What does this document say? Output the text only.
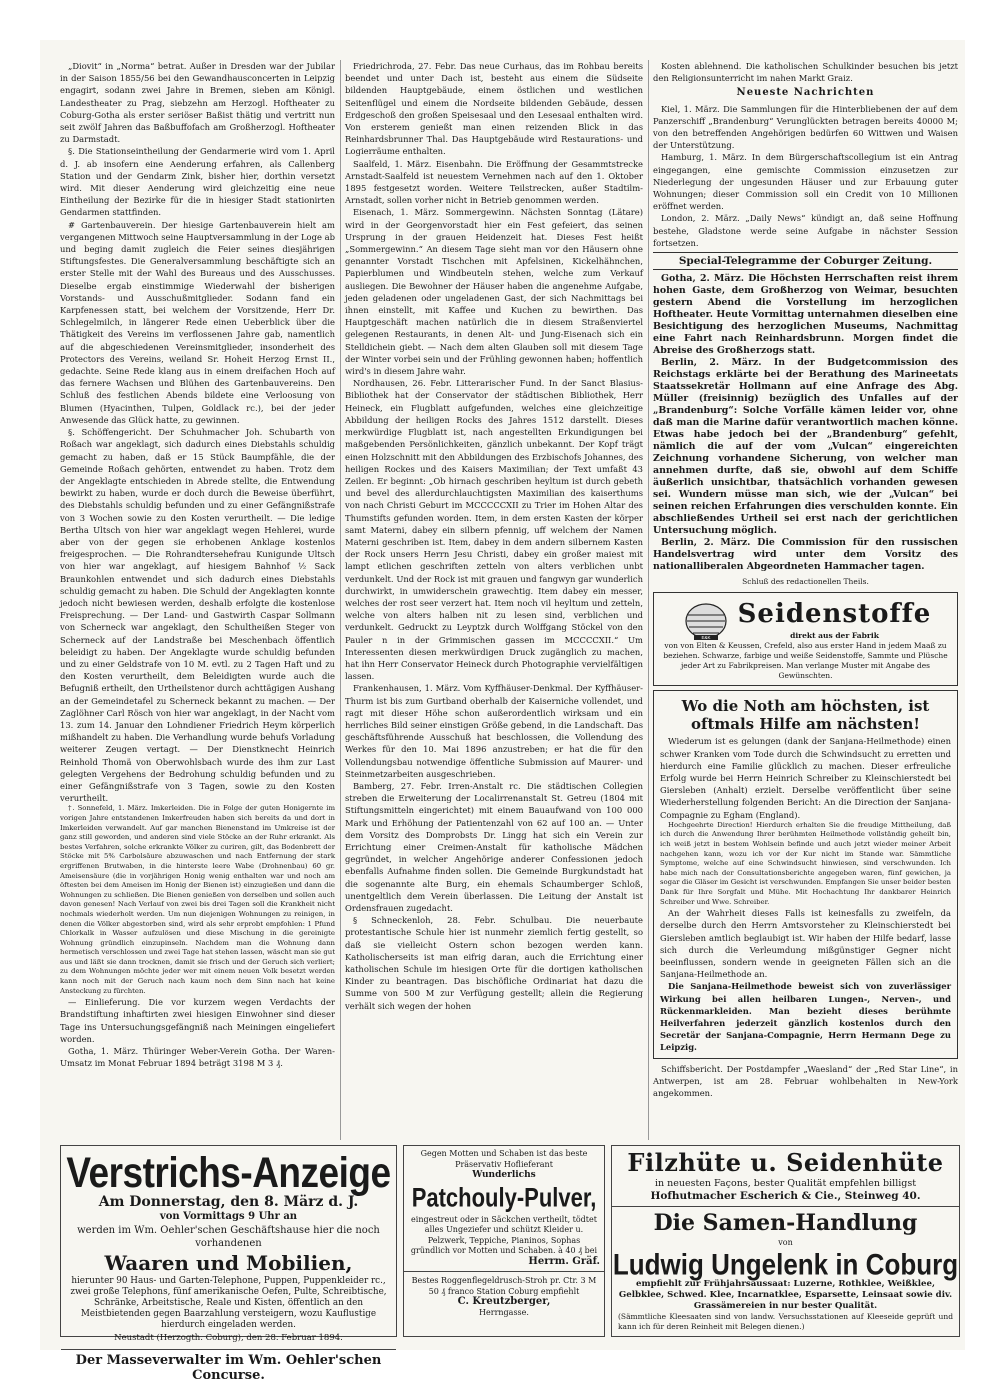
„Diovit“ in „Norma“ betrat. Außer in Dresden war der Jubilar in der Saison 1855/56 bei den Gewandhausconcerten in Leipzig engagirt, sodann zwei Jahre in Bremen, sieben am Königl. Landestheater zu Prag, siebzehn am Herzogl. Hoftheater zu Coburg-Gotha als erster seriöser Baßist thätig und vertritt nun seit zwölf Jahren das Baßbuffofach am Großherzogl. Hoftheater zu Darmstadt.

§. Die Stationseintheilung der Gendarmerie wird vom 1. April d. J. ab insofern eine Aenderung erfahren, als Callenberg Station und der Gendarm Zink, bisher hier, dorthin versetzt wird. Mit dieser Aenderung wird gleichzeitig eine neue Eintheilung der Bezirke für die in hiesiger Stadt stationirten Gendarmen stattfinden.

# Gartenbauverein. Der hiesige Gartenbauverein hielt am vergangenen Mittwoch seine Hauptversammlung in der Loge ab und beging damit zugleich die Feier seines diesjährigen Stiftungsfestes. Die Generalversammlung beschäftigte sich an erster Stelle mit der Wahl des Bureaus und des Ausschusses. Dieselbe ergab einstimmige Wiederwahl der bisherigen Vorstands- und Ausschußmitglieder. Sodann fand ein Karpfenessen statt, bei welchem der Vorsitzende, Herr Dr. Schlegelmilch, in längerer Rede einen Ueberblick über die Thätigkeit des Vereins im verflossenen Jahre gab, namentlich auf die abgeschiedenen Vereinsmitglieder, insonderheit des Protectors des Vereins, weiland Sr. Hoheit Herzog Ernst II., gedachte. Seine Rede klang aus in einem dreifachen Hoch auf das fernere Wachsen und Blühen des Gartenbauvereins. Den Schluß des festlichen Abends bildete eine Verloosung von Blumen (Hyacinthen, Tulpen, Goldlack rc.), bei der jeder Anwesende das Glück hatte, zu gewinnen.

§. Schöffengericht. Der Schuhmacher Joh. Schubarth von Roßach war angeklagt, sich dadurch eines Diebstahls schuldig gemacht zu haben, daß er 15 Stück Baumpfähle, die der Gemeinde Roßach gehörten, entwendet zu haben. Trotz dem der Angeklagte entschieden in Abrede stellte, die Entwendung bewirkt zu haben, wurde er doch durch die Beweise überführt, des Diebstahls schuldig befunden und zu einer Gefängnißstrafe von 3 Wochen sowie zu den Kosten verurtheilt. — Die ledige Bertha Ultsch von hier war angeklagt wegen Hehlerei, wurde aber von der gegen sie erhobenen Anklage kostenlos freigesprochen. — Die Rohrandtersehefrau Kunigunde Ultsch von hier war angeklagt, auf hiesigem Bahnhof ½ Sack Braunkohlen entwendet und sich dadurch eines Diebstahls schuldig gemacht zu haben. Die Schuld der Angeklagten konnte jedoch nicht bewiesen werden, deshalb erfolgte die kostenlose Freisprechung. — Der Land- und Gastwirth Caspar Sollmann von Scherneck war angeklagt, den Schultheißen Steger von Scherneck auf der Landstraße bei Meschenbach öffentlich beleidigt zu haben. Der Angeklagte wurde schuldig befunden und zu einer Geldstrafe von 10 M. evtl. zu 2 Tagen Haft und zu den Kosten verurtheilt, dem Beleidigten wurde auch die Befugniß ertheilt, den Urtheilstenor durch achttägigen Aushang an der Gemeindetafel zu Scherneck bekannt zu machen. — Der Zaglöhner Carl Rösch von hier war angeklagt, in der Nacht vom 13. zum 14. Januar den Lohndiener Friedrich Heym körperlich mißhandelt zu haben. Die Verhandlung wurde behufs Vorladung weiterer Zeugen vertagt. — Der Dienstknecht Heinrich Reinhold Thomä von Oberwohlsbach wurde des ihm zur Last gelegten Vergehens der Bedrohung schuldig befunden und zu einer Gefängnißstrafe von 3 Tagen, sowie zu den Kosten verurtheilt.

†. Sonnefeld, 1. März. Imkerleiden. Die in Folge der guten Honigernte im vorigen Jahre entstandenen Imkerfreuden haben sich bereits da und dort in Imkerleiden verwandelt. Auf gar manchen Bienenstand im Umkreise ist der ganz still geworden, und anderen sind viele Stöcke an der Ruhr erkrankt. Als bestes Verfahren, solche erkrankte Völker zu curiren, gilt, das Bodenbrett der Stöcke mit 5% Carbolsäure abzuwaschen und nach Entfernung der stark ergriffenen Brutwaben, in die hinterste leere Wabe (Drohnenbau) 60 gr. Ameisensäure (die in vorjährigen Honig wenig enthalten war und noch am öftesten bei dem Ameisen im Honig der Bienen ist) einzugießen und dann die Wohnungen zu schließen. Die Bienen genießen von derselben und sollen auch davon genesen! Nach Verlauf von zwei bis drei Tagen soll die Krankheit nicht nochmals wiederholt werden. Um nun diejenigen Wohnungen zu reinigen, in denen die Völker abgestorben sind, wird als sehr erprobt empfohlen: 1 Pfund Chlorkalk in Wasser aufzulösen und diese Mischung in die gereinigte Wohnung gründlich einzupinseln. Nachdem man die Wohnung dann hermetisch verschlossen und zwei Tage hat stehen lassen, wäscht man sie gut aus und läßt sie dann trocknen, damit sie frisch und der Geruch sich verliert; zu dem Wohnungen möchte jeder wer mit einem neuen Volk besetzt werden kann noch mit der Geruch nach kaum noch dem Sinn nach hat keine Ansteckung zu fürchten.

— Einlieferung. Die vor kurzem wegen Verdachts der Brandstiftung inhaftirten zwei hiesigen Einwohner sind dieser Tage ins Untersuchungsgefängniß nach Meiningen eingeliefert worden.

Gotha, 1. März. Thüringer Weber-Verein Gotha. Der Waren-Umsatz im Monat Februar 1894 beträgt 3198 M 3 ₰.

Friedrichroda, 27. Febr. Das neue Curhaus, das im Rohbau bereits beendet und unter Dach ist, besteht aus einem die Südseite bildenden Hauptgebäude, einem östlichen und westlichen Seitenflügel und einem die Nordseite bildenden Gebäude, dessen Erdgeschoß den großen Speisesaal und den Lesesaal enthalten wird. Von ersterem genießt man einen reizenden Blick in das Reinhardsbrunner Thal. Das Hauptgebäude wird Restaurations- und Logierräume enthalten.

Saalfeld, 1. März. Eisenbahn. Die Eröffnung der Gesammtstrecke Arnstadt-Saalfeld ist neuestem Vernehmen nach auf den 1. Oktober 1895 festgesetzt worden. Weitere Teilstrecken, außer Stadtilm-Arnstadt, sollen vorher nicht in Betrieb genommen werden.

Eisenach, 1. März. Sommergewinn. Nächsten Sonntag (Lätare) wird in der Georgenvorstadt hier ein Fest gefeiert, das seinen Ursprung in der grauen Heidenzeit hat. Dieses Fest heißt „Sommergewinn.“ An diesem Tage sieht man vor den Häusern ohne genannter Vorstadt Tischchen mit Apfelsinen, Kickelhähnchen, Papierblumen und Windbeuteln stehen, welche zum Verkauf ausliegen. Die Bewohner der Häuser haben die angenehme Aufgabe, jeden geladenen oder ungeladenen Gast, der sich Nachmittags bei ihnen einstellt, mit Kaffee und Kuchen zu bewirthen. Das Hauptgeschäft machen natürlich die in diesem Straßenviertel gelegenen Restaurants, in denen Alt- und Jung-Eisenach sich ein Stelldichein giebt. — Nach dem alten Glauben soll mit diesem Tage der Winter vorbei sein und der Frühling gewonnen haben; hoffentlich wird's in diesem Jahre wahr.

Nordhausen, 26. Febr. Litterarischer Fund. In der Sanct Blasius-Bibliothek hat der Conservator der städtischen Bibliothek, Herr Heineck, ein Flugblatt aufgefunden, welches eine gleichzeitige Abbildung der heiligen Rocks des Jahres 1512 darstellt. Dieses merkwürdige Flugblatt ist, nach angestellten Erkundigungen bei maßgebenden Persönlichkeiten, gänzlich unbekannt. Der Kopf trägt einen Holzschnitt mit den Abbildungen des Erzbischofs Johannes, des heiligen Rockes und des Kaisers Maximilian; der Text umfaßt 43 Zeilen. Er beginnt: „Ob hirnach geschriben heyltum ist durch gebeth und bevel des allerdurchlauchtigsten Maximilian des kaiserthums von nach Christi Geburt im MCCCCCXII zu Trier im Hohen Altar des Thumstifts gefunden worden. Item, in dem ersten Kasten der körper samt Materni, dabey ein silbern pfennig, uff welchem der Namen Materni geschriben ist. Item, dabey in dem andern silbernem Kasten der Rock unsers Herrn Jesu Christi, dabey ein großer maiest mit lampt etlichen geschriften zetteln von alters verblichen unbt verdunkelt. Und der Rock ist mit grauen und fangwyn gar wunderlich durchwirkt, in umwiderschein grawechtig. Item dabey ein messer, welches der rost seer verzert hat. Item noch vil heyltum und zetteln, welche von alters halben nit zu lesen sind, verblichen und verdunkelt. Gedruckt zu Leyptzk durch Wolffgang Stöckel von den Pauler n in der Grimmischen gassen im MCCCCXII.“ Um Interessenten diesen merkwürdigen Druck zugänglich zu machen, hat ihn Herr Conservator Heineck durch Photographie vervielfältigen lassen.

Frankenhausen, 1. März. Vom Kyffhäuser-Denkmal. Der Kyffhäuser-Thurm ist bis zum Gurtband oberhalb der Kaiserniche vollendet, und ragt mit dieser Höhe schon außerordentlich wirksam und ein herrliches Bild seiner einstigen Größe gebend, in die Landschaft. Das geschäftsführende Ausschuß hat beschlossen, die Vollendung des Werkes für den 10. Mai 1896 anzustreben; er hat die für den Vollendungsbau notwendige öffentliche Submission auf Maurer- und Steinmetzarbeiten ausgeschrieben.

Bamberg, 27. Febr. Irren-Anstalt rc. Die städtischen Collegien streben die Erweiterung der Localirrenanstalt St. Getreu (1804 mit Stiftungsmitteln eingerichtet) mit einem Bauaufwand von 100 000 Mark und Erhöhung der Patientenzahl von 62 auf 100 an. — Unter dem Vorsitz des Domprobsts Dr. Lingg hat sich ein Verein zur Errichtung einer Creimen-Anstalt für katholische Mädchen gegründet, in welcher Angehörige anderer Confessionen jedoch ebenfalls Aufnahme finden sollen. Die Gemeinde Burgkundstadt hat die sogenannte alte Burg, ein ehemals Schaumberger Schloß, unentgeltlich dem Verein überlassen. Die Leitung der Anstalt ist Ordensfrauen zugedacht.

§ Schneckenloh, 28. Febr. Schulbau. Die neuerbaute protestantische Schule hier ist nunmehr ziemlich fertig gestellt, so daß sie vielleicht Ostern schon bezogen werden kann. Katholischerseits ist man eifrig daran, auch die Errichtung einer katholischen Schule im hiesigen Orte für die dortigen katholischen Kinder zu beantragen. Das bischöfliche Ordinariat hat dazu die Summe von 500 M zur Verfügung gestellt; allein die Regierung verhält sich wegen der hohen

Kosten ablehnend. Die katholischen Schulkinder besuchen bis jetzt den Religionsunterricht im nahen Markt Graiz.

Neueste Nachrichten

Kiel, 1. März. Die Sammlungen für die Hinterbliebenen der auf dem Panzerschiff „Brandenburg“ Verunglückten betragen bereits 40000 M; von den betreffenden Angehörigen bedürfen 60 Wittwen und Waisen der Unterstützung.

Hamburg, 1. März. In dem Bürgerschaftscollegium ist ein Antrag eingegangen, eine gemischte Commission einzusetzen zur Niederlegung der ungesunden Häuser und zur Erbauung guter Wohnungen; dieser Commission soll ein Credit von 10 Millionen eröffnet werden.

London, 2. März. „Daily News“ kündigt an, daß seine Hoffnung bestehe, Gladstone werde seine Aufgabe in nächster Session fortsetzen.

Special-Telegramme der Coburger Zeitung.

Gotha, 2. März. Die Höchsten Herrschaften reist ihrem hohen Gaste, dem Großherzog von Weimar, besuchten gestern Abend die Vorstellung im herzoglichen Hoftheater. Heute Vormittag unternahmen dieselben eine Besichtigung des herzoglichen Museums, Nachmittag eine Fahrt nach Reinhardsbrunn. Morgen findet die Abreise des Großherzogs statt.

Berlin, 2. März. In der Budgetcommission des Reichstags erklärte bei der Berathung des Marineetats Staatssekretär Hollmann auf eine Anfrage des Abg. Müller (freisinnig) bezüglich des Unfalles auf der „Brandenburg“: Solche Vorfälle kämen leider vor, ohne daß man die Marine dafür verantwortlich machen könne. Etwas habe jedoch bei der „Brandenburg“ gefehlt, nämlich die auf der vom „Vulcan“ eingereichten Zeichnung vorhandene Sicherung, von welcher man annehmen durfte, daß sie, obwohl auf dem Schiffe äußerlich unsichtbar, thatsächlich vorhanden gewesen sei. Wundern müsse man sich, wie der „Vulcan“ bei seinen reichen Erfahrungen dies verschulden konnte. Ein abschließendes Urtheil sei erst nach der gerichtlichen Untersuchung möglich.

Berlin, 2. März. Die Commission für den russischen Handelsvertrag wird unter dem Vorsitz des nationalliberalen Abgeordneten Hammacher tagen.

Schluß des redactionellen Theils.
E&K
Seidenstoffe
direkt aus der Fabrik
von von Elten & Keussen, Crefeld, also aus erster Hand in jedem Maaß zu beziehen. Schwarze, farbige und weiße Seidenstoffe, Sammte und Plüsche jeder Art zu Fabrikpreisen. Man verlange Muster mit Angabe des Gewünschten.
Wo die Noth am höchsten, ist oftmals Hilfe am nächsten!

Wiederum ist es gelungen (dank der Sanjana-Heilmethode) einen schwer Kranken vom Tode durch die Schwindsucht zu erretten und hierdurch eine Familie glücklich zu machen. Dieser erfreuliche Erfolg wurde bei Herrn Heinrich Schreiber zu Kleinschierstedt bei Giersleben (Anhalt) erzielt. Derselbe veröffentlicht über seine Wiederherstellung folgenden Bericht: An die Direction der Sanjana-Compagnie zu Egham (England).

Hochgeehrte Direction! Hierdurch erhalten Sie die freudige Mittheilung, daß ich durch die Anwendung Ihrer berühmten Heilmethode vollständig geheilt bin, ich weiß jetzt in bestem Wohlsein befinde und auch jetzt wieder meiner Arbeit nachgehen kann, wozu ich vor der Kur nicht im Stande war. Sämmtliche Symptome, welche auf eine Schwindsucht hinwiesen, sind verschwunden. Ich habe mich nach der Consultationsberichte angegeben waren, fünf gewichen, ja sogar die Gläser im Gesicht ist verschwunden. Empfangen Sie unser beider besten Dank für Ihre Sorgfalt und Mühe. Mit Hochachtung Ihr dankbarer Heinrich Schreiber und Wwe. Schreiber.

An der Wahrheit dieses Falls ist keinesfalls zu zweifeln, da derselbe durch den Herrn Amtsvorsteher zu Kleinschierstedt bei Giersleben amtlich beglaubigt ist. Wir haben der Hilfe bedarf, lasse sich durch die Verleumdung mißgünstiger Gegner nicht beeinflussen, sondern wende in geeigneten Fällen sich an die Sanjana-Heilmethode an.

Die Sanjana-Heilmethode beweist sich von zuverlässiger Wirkung bei allen heilbaren Lungen-, Nerven-, und Rückenmarkleiden. Man bezieht dieses berühmte Heilverfahren jederzeit gänzlich kostenlos durch den Secretär der Sanjana-Compagnie, Herrn Hermann Dege zu Leipzig.

Schiffsbericht. Der Postdampfer „Waesland“ der „Red Star Line“, in Antwerpen, ist am 28. Februar wohlbehalten in New-York angekommen.

Verstrichs-Anzeige
Am Donnerstag, den 8. März d. J.
von Vormittags 9 Uhr an
werden im Wm. Oehler'schen Geschäftshause hier die noch vorhandenen
Waaren und Mobilien,
hierunter 90 Haus- und Garten-Telephone, Puppen, Puppenkleider rc., zwei große Telephons, fünf amerikanische Oefen, Pulte, Schreibtische, Schränke, Arbeitstische, Reale und Kisten, öffentlich an den Meistbietenden gegen Baarzahlung versteigern, wozu Kauflustige hierdurch eingeladen werden.
Neustadt (Herzogth. Coburg), den 28. Februar 1894.
Der Masseverwalter im Wm. Oehler'schen Concurse.
Gegen Motten und Schaben ist das beste Präservativ Hoflieferant
Wunderlichs
Patchouly-Pulver,
eingestreut oder in Säckchen vertheilt, tödtet alles Ungeziefer und schützt Kleider u. Pelzwerk, Teppiche, Pianinos, Sophas gründlich vor Motten und Schaben. à 40 ₰ bei
Herrm. Gräf.
Bestes Roggenflegeldrusch-Stroh pr. Ctr. 3 M 50 ₰ franco Station Coburg empfiehlt
C. Kreutzberger,
Herrngasse.
Filzhüte u. Seidenhüte
in neuesten Façons, bester Qualität empfehlen billigst
Hofhutmacher Escherich & Cie., Steinweg 40.
Die Samen-Handlung
von
Ludwig Ungelenk in Coburg
empfiehlt zur Frühjahrsaussaat: Luzerne, Rothklee, Weißklee, Gelbklee, Schwed. Klee, Incarnatklee, Esparsette, Leinsaat sowie div. Grassämereien in nur bester Qualität.
(Sämmtliche Kleesaaten sind von landw. Versuchsstationen auf Kleeseide geprüft und kann ich für deren Reinheit mit Belegen dienen.)
